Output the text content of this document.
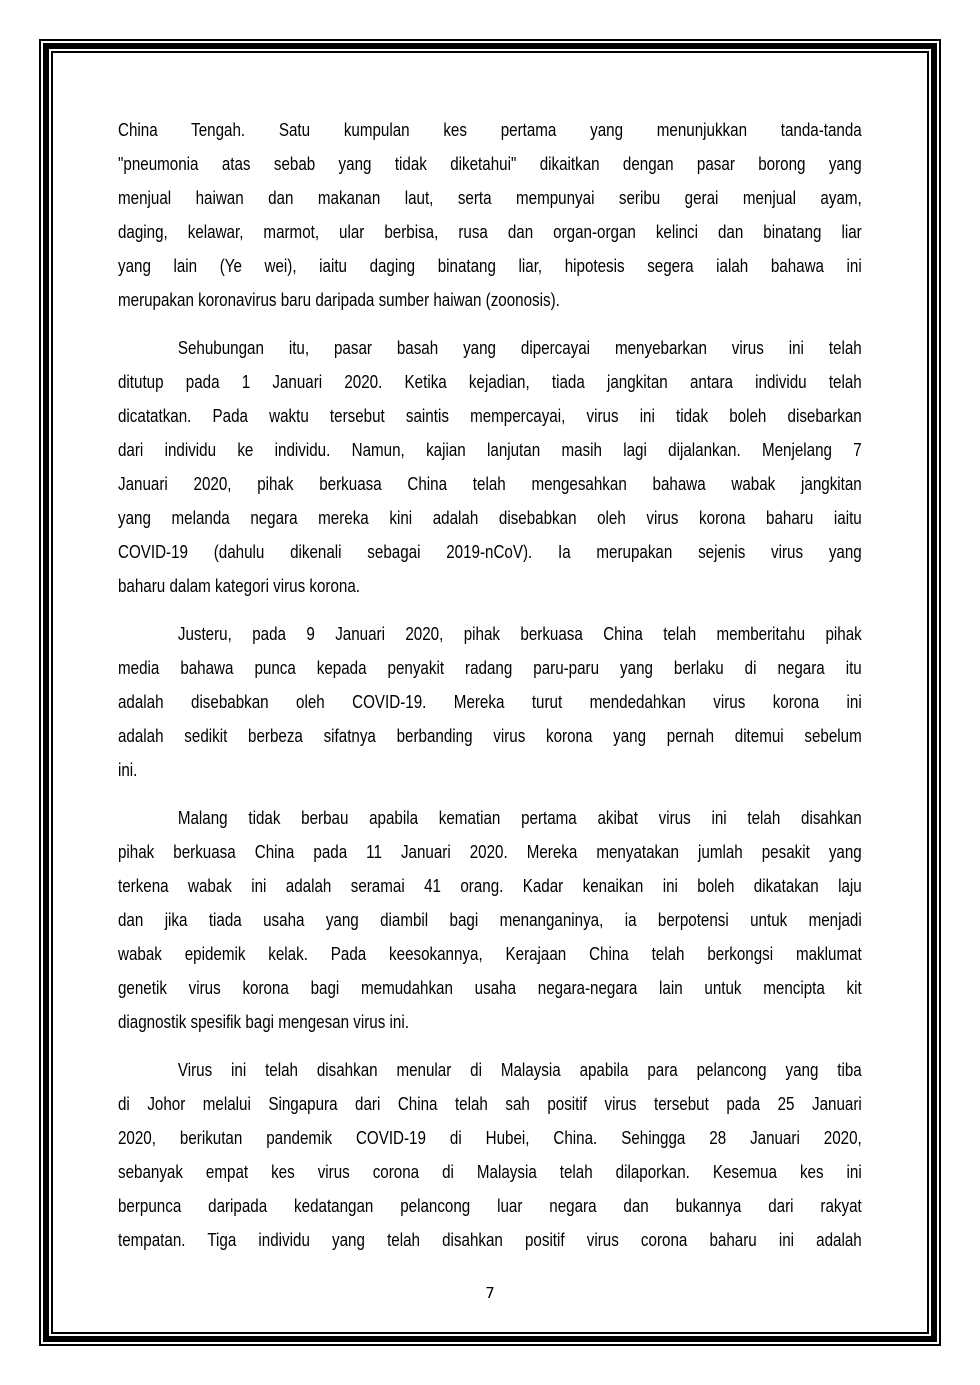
China Tengah. Satu kumpulan kes pertama yang menunjukkan tanda-tanda
"pneumonia atas sebab yang tidak diketahui" dikaitkan dengan pasar borong yang
menjual haiwan dan makanan laut, serta mempunyai seribu gerai menjual ayam,
daging, kelawar, marmot, ular berbisa, rusa dan organ-organ kelinci dan binatang liar
yang lain (Ye wei), iaitu daging binatang liar, hipotesis segera ialah bahawa ini
merupakan koronavirus baru daripada sumber haiwan (zoonosis).
Sehubungan itu, pasar basah yang dipercayai menyebarkan virus ini telah
ditutup pada 1 Januari 2020. Ketika kejadian, tiada jangkitan antara individu telah
dicatatkan. Pada waktu tersebut saintis mempercayai, virus ini tidak boleh disebarkan
dari individu ke individu. Namun, kajian lanjutan masih lagi dijalankan. Menjelang 7
Januari 2020, pihak berkuasa China telah mengesahkan bahawa wabak jangkitan
yang melanda negara mereka kini adalah disebabkan oleh virus korona baharu iaitu
COVID-19 (dahulu dikenali sebagai 2019-nCoV). Ia merupakan sejenis virus yang
baharu dalam kategori virus korona.
Justeru, pada 9 Januari 2020, pihak berkuasa China telah memberitahu pihak
media bahawa punca kepada penyakit radang paru-paru yang berlaku di negara itu
adalah disebabkan oleh COVID-19. Mereka turut mendedahkan virus korona ini
adalah sedikit berbeza sifatnya berbanding virus korona yang pernah ditemui sebelum
ini.
Malang tidak berbau apabila kematian pertama akibat virus ini telah disahkan
pihak berkuasa China pada 11 Januari 2020. Mereka menyatakan jumlah pesakit yang
terkena wabak ini adalah seramai 41 orang. Kadar kenaikan ini boleh dikatakan laju
dan jika tiada usaha yang diambil bagi menanganinya, ia berpotensi untuk menjadi
wabak epidemik kelak. Pada keesokannya, Kerajaan China telah berkongsi maklumat
genetik virus korona bagi memudahkan usaha negara-negara lain untuk mencipta kit
diagnostik spesifik bagi mengesan virus ini.
Virus ini telah disahkan menular di Malaysia apabila para pelancong yang tiba
di Johor melalui Singapura dari China telah sah positif virus tersebut pada 25 Januari
2020, berikutan pandemik COVID-19 di Hubei, China. Sehingga 28 Januari 2020,
sebanyak empat kes virus corona di Malaysia telah dilaporkan. Kesemua kes ini
berpunca daripada kedatangan pelancong luar negara dan bukannya dari rakyat
tempatan. Tiga individu yang telah disahkan positif virus corona baharu ini adalah
7
